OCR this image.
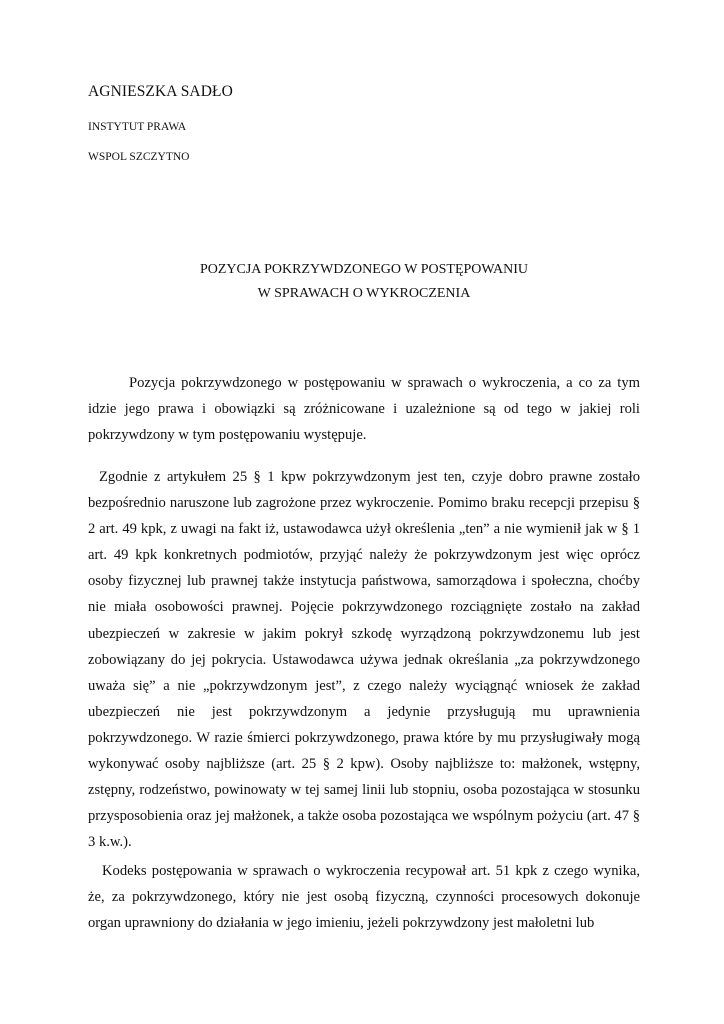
AGNIESZKA SADŁO
INSTYTUT PRAWA
WSPOL SZCZYTNO
POZYCJA POKRZYWDZONEGO W POSTĘPOWANIU
W SPRAWACH O WYKROCZENIA

Pozycja pokrzywdzonego w postępowaniu w sprawach o wykroczenia, a co za tym idzie jego prawa i obowiązki są zróżnicowane i uzależnione są od tego w jakiej roli pokrzywdzony w tym postępowaniu występuje.

Zgodnie z artykułem 25 § 1 kpw pokrzywdzonym jest ten, czyje dobro prawne zostało bezpośrednio naruszone lub zagrożone przez wykroczenie. Pomimo braku recepcji przepisu § 2 art. 49 kpk, z uwagi na fakt iż, ustawodawca użył określenia „ten” a nie wymienił jak w § 1 art. 49 kpk konkretnych podmiotów, przyjąć należy że pokrzywdzonym jest więc oprócz osoby fizycznej lub prawnej także instytucja państwowa, samorządowa i społeczna, choćby nie miała osobowości prawnej. Pojęcie pokrzywdzonego rozciągnięte zostało na zakład ubezpieczeń w zakresie w jakim pokrył szkodę wyrządzoną pokrzywdzonemu lub jest zobowiązany do jej pokrycia. Ustawodawca używa jednak określania „za pokrzywdzonego uważa się” a nie „pokrzywdzonym jest”, z czego należy wyciągnąć wniosek że zakład ubezpieczeń nie jest pokrzywdzonym a jedynie przysługują mu uprawnienia pokrzywdzonego. W razie śmierci pokrzywdzonego, prawa które by mu przysługiwały mogą wykonywać osoby najbliższe (art. 25 § 2 kpw). Osoby najbliższe to: małżonek, wstępny, zstępny, rodzeństwo, powinowaty w tej samej linii lub stopniu, osoba pozostająca w stosunku przysposobienia oraz jej małżonek, a także osoba pozostająca we wspólnym pożyciu (art. 47 § 3 k.w.).

Kodeks postępowania w sprawach o wykroczenia recypował art. 51 kpk z czego wynika, że, za pokrzywdzonego, który nie jest osobą fizyczną, czynności procesowych dokonuje organ uprawniony do działania w jego imieniu, jeżeli pokrzywdzony jest małoletni lub
